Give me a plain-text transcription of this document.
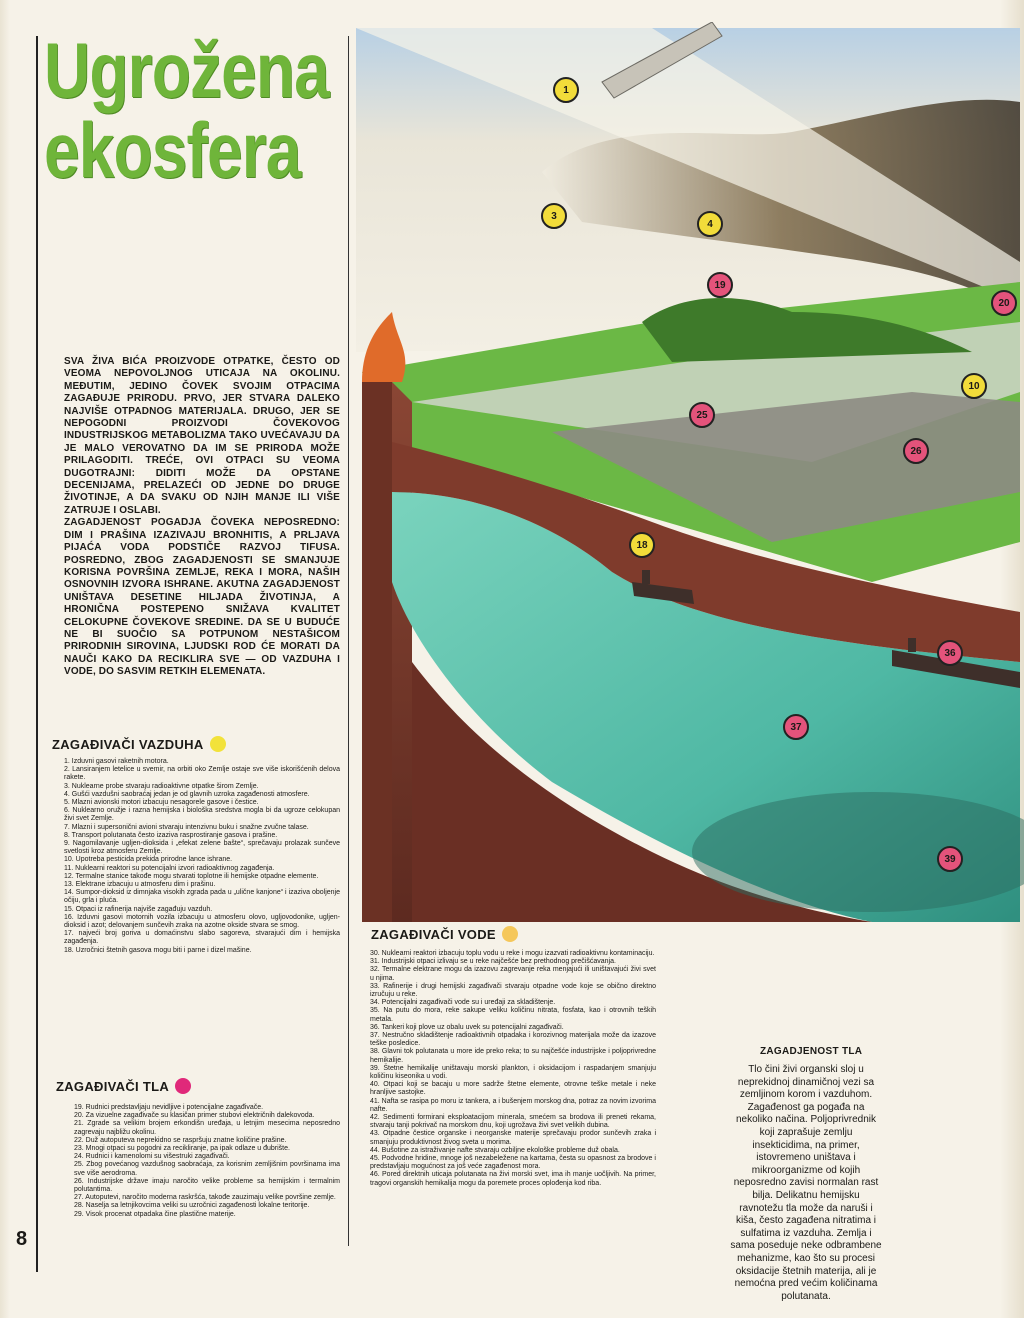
Ugrožena
ekosfera

SVA ŽIVA BIĆA PROIZVODE OTPATKE, ČESTO OD VEOMA NEPOVOLJNOG UTICAJA NA OKOLINU. MEĐUTIM, JEDINO ČOVEK SVOJIM OTPACIMA ZAGAĐUJE PRIRODU. PRVO, JER STVARA DALEKO NAJVIŠE OTPADNOG MATERIJALA. DRUGO, JER SE NEPOGODNI PROIZVODI ČOVEKOVOG INDUSTRIJSKOG METABOLIZMA TAKO UVEĆAVAJU DA JE MALO VEROVATNO DA IM SE PRIRODA MOŽE PRILAGODITI. TREĆE, OVI OTPACI SU VEOMA DUGOTRAJNI: DIDITI MOŽE DA OPSTANE DECENIJAMA, PRELAZEĆI OD JEDNE DO DRUGE ŽIVOTINJE, A DA SVAKU OD NJIH MANJE ILI VIŠE ZATRUJE I OSLABI.

ZAGADJENOST POGADJA ČOVEKA NEPOSREDNO: DIM I PRAŠINA IZAZIVAJU BRONHITIS, A PRLJAVA PIJAĆA VODA PODSTIČE RAZVOJ TIFUSA. POSREDNO, ZBOG ZAGADJENOSTI SE SMANJUJE KORISNA POVRŠINA ZEMLJE, REKA I MORA, NAŠIH OSNOVNIH IZVORA ISHRANE. AKUTNA ZAGADJENOST UNIŠTAVA DESETINE HILJADA ŽIVOTINJA, A HRONIČNA POSTEPENO SNIŽAVA KVALITET CELOKUPNE ČOVEKOVE SREDINE. DA SE U BUDUĆЕ NE BI SUOČIO SA POTPUNOM NESTAŠICOM PRIRODNIH SIROVINA, LJUDSKI ROD ĆE MORATI DA NAUČI KAKO DA RECIKLIRA SVE — OD VAZDUHA I VODE, DO SASVIM RETKIH ELEMENATA.

1
3
4
19
20
10
25
26
18
36
37
39
ZAGAĐIVAČI VAZDUHA
1. Izduvni gasovi raketnih motora.
2. Lansiranjem letelice u svemir, na orbiti oko Zemlje ostaje sve više iskorišćenih delova rakete.
3. Nuklearne probe stvaraju radioaktivne otpatke širom Zemlje.
4. Gušći vazdušni saobraćaj jedan je od glavnih uzroka zagađenosti atmosfere.
5. Mlazni avionski motori izbacuju nesagorele gasove i čestice.
6. Nuklearno oružje i razna hemijska i biološka sredstva mogla bi da ugroze celokupan živi svet Zemlje.
7. Mlazni i supersonični avioni stvaraju intenzivnu buku i snažne zvučne talase.
8. Transport polutanata često izaziva rasprostiranje gasova i prašine.
9. Nagomilavanje ugljen-dioksida i „efekat zelene bašte“, sprečavaju prolazak sunčeve svetlosti kroz atmosferu Zemlje.
10. Upotreba pesticida prekida prirodne lance ishrane.
11. Nuklearni reaktori su potencijalni izvori radioaktivnog zagađenja.
12. Termalne stanice takođe mogu stvarati toplotne ili hemijske otpadne elemente.
13. Elektrane izbacuju u atmosferu dim i prašinu.
14. Sumpor-dioksid iz dimnjaka visokih zgrada pada u „ulične kanjone“ i izaziva obolјenje očiju, grla i pluća.
15. Otpaci iz rafinerija najviše zagađuju vazduh.
16. Izduvni gasovi motornih vozila izbacuju u atmosferu olovo, ugljovodonike, ugljen-dioksid i azot; delovanjem sunčevih zraka na azotne okside stvara se smog.
17. najveći broj goriva u domaćinstvu slabo sagoreva, stvarajući dim i hemijska zagađenja.
18. Uzročnici štetnih gasova mogu biti i parne i dizel mašine.
ZAGAĐIVAČI TLA
19. Rudnici predstavljaju nevidljive i potencijalne zagađivače.
20. Za vizuelne zagađivače su klasičan primer stubovi električnih dalekovoda.
21. Zgrade sa velikim brojem erkondišn uređaja, u letnjim mesecima neposredno zagrevaju najbližu okolinu.
22. Duž autoputeva neprekidno se raspršuju znatne količine prašine.
23. Mnogi otpaci su pogodni za recikliranje, pa ipak odlaze u đubrište.
24. Rudnici i kamenolomi su višestruki zagađivači.
25. Zbog povećanog vazdušnog saobraćaja, za korisnim zemljišnim površinama ima sve više aerodroma.
26. Industrijske države imaju naročito velike probleme sa hemijskim i termalnim polutantima.
27. Autoputevi, naročito moderna raskršća, takođe zauzimaju velike površine zemlje.
28. Naselja sa letnjikovcima veliki su uzročnici zagađenosti lokalne teritorije.
29. Visok procenat otpadaka čine plastične materije.
ZAGAĐIVAČI VODE
30. Nuklearni reaktori izbacuju toplu vodu u reke i mogu izazvati radioaktivnu kontaminaciju.
31. Industrijski otpaci izlivaju se u reke najčešće bez prethodnog prečišćavanja.
32. Termalne elektrane mogu da izazovu zagrevanje reka menjajući ili uništavajući živi svet u njima.
33. Rafinerije i drugi hemijski zagađivači stvaraju otpadne vode koje se obično direktno izručuju u reke.
34. Potencijalni zagađivači vode su i uređaji za skladištenje.
35. Na putu do mora, reke sakupe veliku količinu nitrata, fosfata, kao i otrovnih teških metala.
36. Tankeri koji plove uz obalu uvek su potencijalni zagađivači.
37. Nestručno skladištenje radioaktivnih otpadaka i korozivnog materijala može da izazove teške posledice.
38. Glavni tok polutanata u more ide preko reka; to su najčešće industrijske i poljoprivredne hemikalije.
39. Štetne hemikalije uništavaju morski plankton, i oksidacijom i raspadanjem smanjuju količinu kiseonika u vodi.
40. Otpaci koji se bacaju u more sadrže štetne elemente, otrovne teške metale i neke hranljive sastojke.
41. Nafta se rasipa po moru iz tankera, a i bušenjem morskog dna, potraz za novim izvorima nafte.
42. Sedimenti formirani eksploatacijom minerala, smećem sa brodova ili preneti rekama, stvaraju tanji pokrivač na morskom dnu, koji ugrožava živi svet velikih dubina.
43. Otpadne čestice organske i neorganske materije sprečavaju prodor sunčevih zraka i smanjuju produktivnost živog sveta u morima.
44. Bušotine za istraživanje nafte stvaraju ozbiljne ekološke probleme duž obala.
45. Podvodne hridine, mnoge još nezabeležene na kartama, česta su opasnost za brodove i predstavljaju mogućnost za još veće zagađenost mora.
46. Pored direktnih uticaja polutanata na živi morski svet, ima ih manje uočljivih. Na primer, tragovi organskih hemikalija mogu da poremete proces oplođenja kod riba.
ZAGADJENOST TLA
Tlo čini živi organski sloj u neprekidnoj dinamičnoj vezi sa zemljinom korom i vazduhom. Zagađenost ga pogađa na nekoliko načina. Poljoprivrednik koji zaprašuje zemlju insekticidima, na primer, istovremeno uništava i mikroorganizme od kojih neposredno zavisi normalan rast bilja. Delikatnu hemijsku ravnotežu tla može da naruši i kiša, često zagađena nitratima i sulfatima iz vazduha. Zemlja i sama poseduje neke odbrambene mehanizme, kao što su procesi oksidacije štetnih materija, ali je nemoćna pred većim količinama polutanata.
8
